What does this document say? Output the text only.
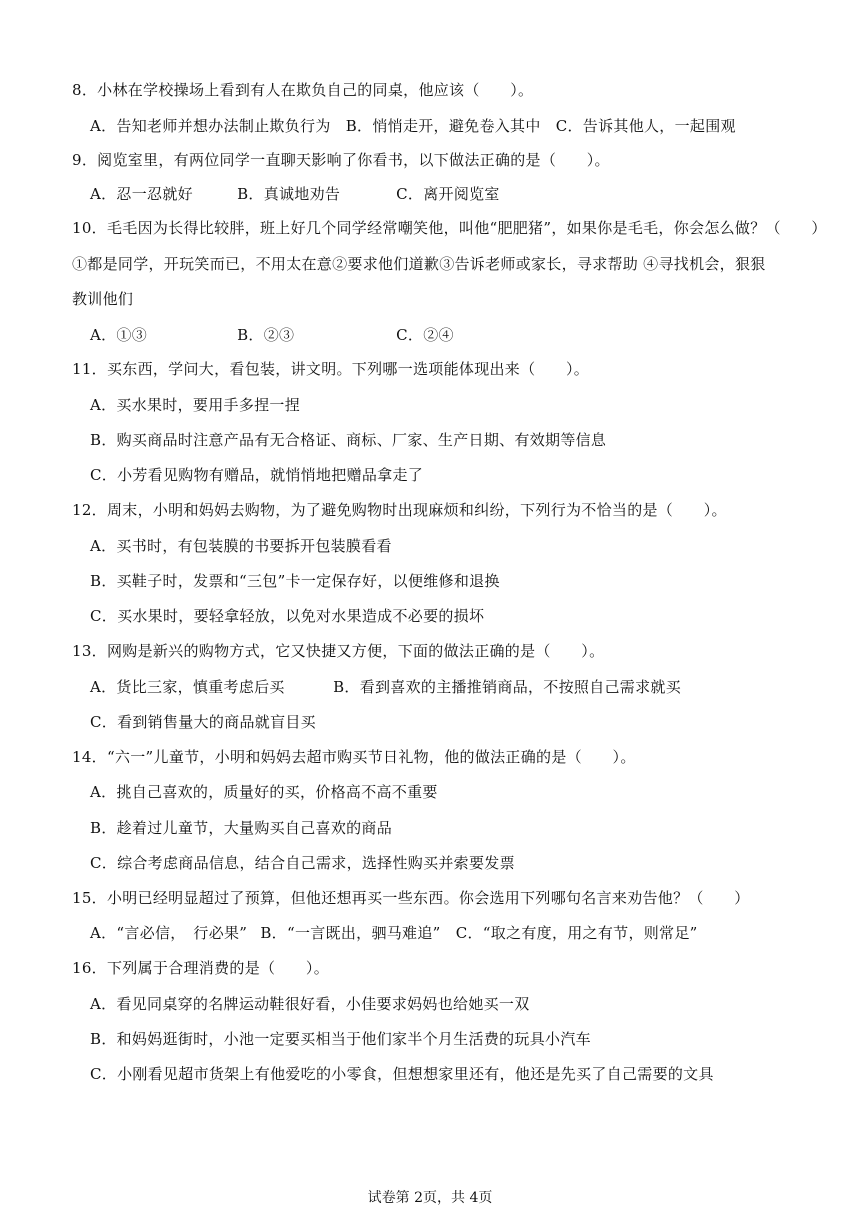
8．小林在学校操场上看到有人在欺负自己的同桌，他应该（　　）。
A．告知老师并想办法制止欺负行为 B．悄悄走开，避免卷入其中 C．告诉其他人，一起围观
9．阅览室里，有两位同学一直聊天影响了你看书，以下做法正确的是（　　）。
A．忍一忍就好	B．真诚地劝告	C．离开阅览室
10．毛毛因为长得比较胖，班上好几个同学经常嘲笑他，叫他“肥肥猪”，如果你是毛毛，你会怎么做？（　　）
①都是同学，开玩笑而已，不用太在意②要求他们道歉③告诉老师或家长，寻求帮助 ④寻找机会，狠狠
教训他们
A．①③	B．②③	C．②④
11．买东西，学问大，看包装，讲文明。下列哪一选项能体现出来（　　）。
A．买水果时，要用手多捏一捏
B．购买商品时注意产品有无合格证、商标、厂家、生产日期、有效期等信息
C．小芳看见购物有赠品，就悄悄地把赠品拿走了
12．周末，小明和妈妈去购物，为了避免购物时出现麻烦和纠纷，下列行为不恰当的是（　　）。
A．买书时，有包装膜的书要拆开包装膜看看
B．买鞋子时，发票和“三包”卡一定保存好，以便维修和退换
C．买水果时，要轻拿轻放，以免对水果造成不必要的损坏
13．网购是新兴的购物方式，它又快捷又方便，下面的做法正确的是（　　）。
A．货比三家，慎重考虑后买	B．看到喜欢的主播推销商品，不按照自己需求就买
C．看到销售量大的商品就盲目买
14．“六一”儿童节，小明和妈妈去超市购买节日礼物，他的做法正确的是（　　）。
A．挑自己喜欢的，质量好的买，价格高不高不重要
B．趁着过儿童节，大量购买自己喜欢的商品
C．综合考虑商品信息，结合自己需求，选择性购买并索要发票
15．小明已经明显超过了预算，但他还想再买一些东西。你会选用下列哪句名言来劝告他？（　　）
A．“言必信，　行必果” B．“一言既出，驷马难追” C．“取之有度，用之有节，则常足”
16．下列属于合理消费的是（　　）。
A．看见同桌穿的名牌运动鞋很好看，小佳要求妈妈也给她买一双
B．和妈妈逛街时，小池一定要买相当于他们家半个月生活费的玩具小汽车
C．小刚看见超市货架上有他爱吃的小零食，但想想家里还有，他还是先买了自己需要的文具
试卷第 2页，共 4页
